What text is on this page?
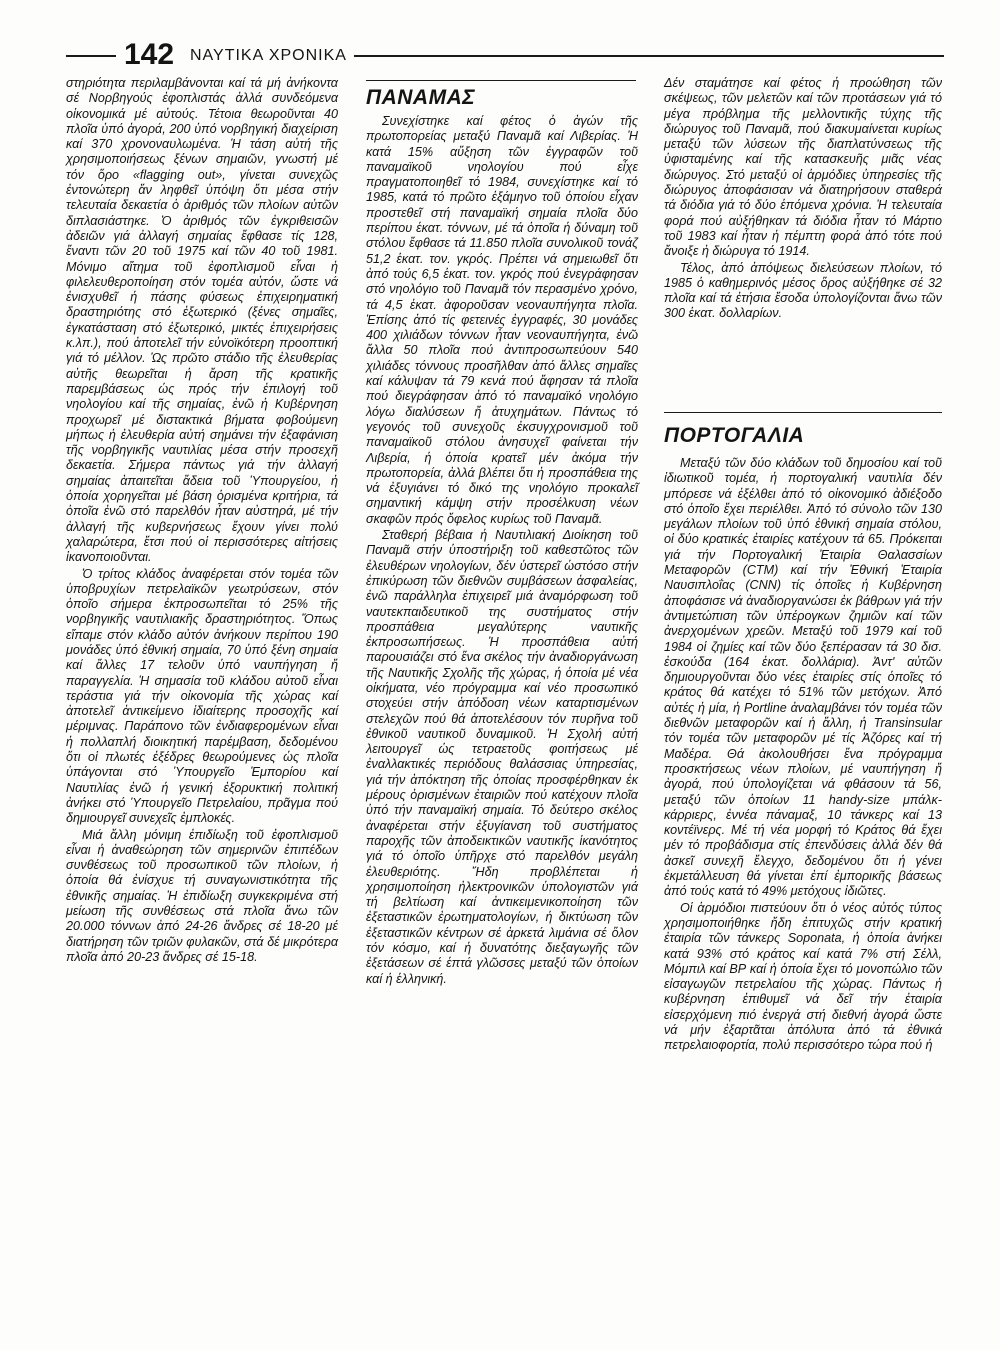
142 ΝΑΥΤΙΚΑ ΧΡΟΝΙΚΑ

στηριότητα περιλαμβάνονται καί τά μή ἀνήκοντα σέ Νορβηγούς ἐφοπλιστάς ἀλλά συνδεόμενα οἰκονομικά μέ αὐτούς. Τέτοια θεωροῦνται 40 πλοῖα ὑπό ἀγορά, 200 ὑπό νορβηγική διαχείριση καί 370 χρονοναυλωμένα. Ἡ τάση αὐτή τῆς χρησιμοποιήσεως ξένων σημαιῶν, γνωστή μέ τόν ὅρο «flagging out», γίνεται συνεχῶς ἐντονώτερη ἄν ληφθεῖ ὑπόψη ὅτι μέσα στήν τελευταία δεκαετία ὁ ἀριθμός τῶν πλοίων αὐτῶν διπλασιάστηκε. Ὁ ἀριθμός τῶν ἐγκριθεισῶν ἀδειῶν γιά ἀλλαγή σημαίας ἔφθασε τίς 128, ἔναντι τῶν 20 τοῦ 1975 καί τῶν 40 τοῦ 1981. Μόνιμο αἴτημα τοῦ ἐφοπλισμοῦ εἶναι ἡ φιλελευθεροποίηση στόν τομέα αὐτόν, ὥστε νά ἐνισχυθεῖ ἡ πάσης φύσεως ἐπιχειρηματική δραστηριότης στό ἐξωτερικό (ξένες σημαῖες, ἐγκατάσταση στό ἐξωτερικό, μικτές ἐπιχειρήσεις κ.λπ.), πού ἀποτελεῖ τήν εὐνοϊκότερη προοπτική γιά τό μέλλον. Ὡς πρῶτο στάδιο τῆς ἐλευθερίας αὐτῆς θεωρεῖται ἡ ἄρση τῆς κρατικῆς παρεμβάσεως ὡς πρός τήν ἐπιλογή τοῦ νηολογίου καί τῆς σημαίας, ἐνῶ ἡ Κυβέρνηση προχωρεῖ μέ διστακτικά βήματα φοβούμενη μήπως ἡ ἐλευθερία αὐτή σημάνει τήν ἐξαφάνιση τῆς νορβηγικῆς ναυτιλίας μέσα στήν προσεχῆ δεκαετία. Σήμερα πάντως γιά τήν ἀλλαγή σημαίας ἀπαιτεῖται ἄδεια τοῦ Ὑπουργείου, ἡ ὁποία χορηγεῖται μέ βάση ὁρισμένα κριτήρια, τά ὁποῖα ἐνῶ στό παρελθόν ἦταν αὐστηρά, μέ τήν ἀλλαγή τῆς κυβερνήσεως ἔχουν γίνει πολύ χαλαρώτερα, ἔτσι πού οἱ περισσότερες αἰτήσεις ἱκανοποιοῦνται.

Ὁ τρίτος κλάδος ἀναφέρεται στόν τομέα τῶν ὑποβρυχίων πετρελαϊκῶν γεωτρύσεων, στόν ὁποῖο σήμερα ἐκπροσωπεῖται τό 25% τῆς νορβηγικῆς ναυτιλιακῆς δραστηριότητος. Ὅπως εἴπαμε στόν κλάδο αὐτόν ἀνήκουν περίπου 190 μονάδες ὑπό ἐθνική σημαία, 70 ὑπό ξένη σημαία καί ἄλλες 17 τελοῦν ὑπό ναυπήγηση ἤ παραγγελία. Ἡ σημασία τοῦ κλάδου αὐτοῦ εἶναι τεράστια γιά τήν οἰκονομία τῆς χώρας καί ἀποτελεῖ ἀντικείμενο ἰδιαίτερης προσοχῆς καί μέριμνας. Παράπονο τῶν ἐνδιαφερομένων εἶναι ἡ πολλαπλή διοικητική παρέμβαση, δεδομένου ὅτι οἱ πλωτές ἐξέδρες θεωρούμενες ὡς πλοῖα ὑπάγονται στό Ὑπουργεῖο Ἐμπορίου καί Ναυτιλίας ἐνῶ ἡ γενική ἐξορυκτική πολιτική ἀνήκει στό Ὑπουργεῖο Πετρελαίου, πρᾶγμα πού δημιουργεῖ συνεχεῖς ἐμπλοκές.

Μιά ἄλλη μόνιμη ἐπιδίωξη τοῦ ἐφοπλισμοῦ εἶναι ἡ ἀναθεώρηση τῶν σημερινῶν ἐπιπέδων συνθέσεως τοῦ προσωπικοῦ τῶν πλοίων, ἡ ὁποία θά ἐνίσχυε τή συναγωνιστικότητα τῆς ἐθνικῆς σημαίας. Ἡ ἐπιδίωξη συγκεκριμένα στή μείωση τῆς συνθέσεως στά πλοῖα ἄνω τῶν 20.000 τόννων ἀπό 24-26 ἄνδρες σέ 18-20 μέ διατήρηση τῶν τριῶν φυλακῶν, στά δέ μικρότερα πλοῖα ἀπό 20-23 ἄνδρες σέ 15-18.

ΠΑΝΑΜΑΣ

Συνεχίστηκε καί φέτος ὁ ἀγών τῆς πρωτοπορείας μεταξύ Παναμᾶ καί Λιβερίας. Ἡ κατά 15% αὔξηση τῶν ἐγγραφῶν τοῦ παναμαϊκοῦ νηολογίου πού εἶχε πραγματοποιηθεῖ τό 1984, συνεχίστηκε καί τό 1985, κατά τό πρῶτο ἑξάμηνο τοῦ ὁποίου εἶχαν προστεθεῖ στή παναμαϊκή σημαία πλοῖα δύο περίπου ἑκατ. τόννων, μέ τά ὁποῖα ἡ δύναμη τοῦ στόλου ἔφθασε τά 11.850 πλοῖα συνολικοῦ τονάζ 51,2 ἑκατ. τον. γκρός. Πρέπει νά σημειωθεῖ ὅτι ἀπό τούς 6,5 ἑκατ. τον. γκρός πού ἐνεγράφησαν στό νηολόγιο τοῦ Παναμᾶ τόν περασμένο χρόνο, τά 4,5 ἑκατ. ἀφοροῦσαν νεοναυπήγητα πλοῖα. Ἐπίσης ἀπό τίς φετεινές ἐγγραφές, 30 μονάδες 400 χιλιάδων τόννων ἦταν νεοναυπήγητα, ἐνῶ ἄλλα 50 πλοῖα πού ἀντιπροσωπεύουν 540 χιλιάδες τόννους προσῆλθαν ἀπό ἄλλες σημαῖες καί κάλυψαν τά 79 κενά πού ἄφησαν τά πλοῖα πού διεγράφησαν ἀπό τό παναμαϊκό νηολόγιο λόγω διαλύσεων ἤ ἀτυχημάτων. Πάντως τό γεγονός τοῦ συνεχοῦς ἐκσυγχρονισμοῦ τοῦ παναμαϊκοῦ στόλου ἀνησυχεῖ φαίνεται τήν Λιβερία, ἡ ὁποία κρατεῖ μέν ἀκόμα τήν πρωτοπορεία, ἀλλά βλέπει ὅτι ἡ προσπάθεια της νά ἐξυγιάνει τό δικό της νηολόγιο προκαλεῖ σημαντική κάμψη στήν προσέλκυση νέων σκαφῶν πρός ὄφελος κυρίως τοῦ Παναμᾶ.

Σταθερή βέβαια ἡ Ναυτιλιακή Διοίκηση τοῦ Παναμᾶ στήν ὑποστήριξη τοῦ καθεστῶτος τῶν ἐλευθέρων νηολογίων, δέν ὑστερεῖ ὡστόσο στήν ἐπικύρωση τῶν διεθνῶν συμβάσεων ἀσφαλείας, ἐνῶ παράλληλα ἐπιχειρεῖ μιά ἀναμόρφωση τοῦ ναυτεκπαιδευτικοῦ της συστήματος στήν προσπάθεια μεγαλύτερης ναυτικῆς ἐκπροσωπήσεως. Ἡ προσπάθεια αὐτή παρουσιάζει στό ἕνα σκέλος τήν ἀναδιοργάνωση τῆς Ναυτικῆς Σχολῆς τῆς χώρας, ἡ ὁποία μέ νέα οἰκήματα, νέο πρόγραμμα καί νέο προσωπικό στοχεύει στήν ἀπόδοση νέων καταρτισμένων στελεχῶν πού θά ἀποτελέσουν τόν πυρῆνα τοῦ ἐθνικοῦ ναυτικοῦ δυναμικοῦ. Ἡ Σχολή αὐτή λειτουργεῖ ὡς τετραετοῦς φοιτήσεως μέ ἐναλλακτικές περιόδους θαλάσσιας ὑπηρεσίας, γιά τήν ἀπόκτηση τῆς ὁποίας προσφέρθηκαν ἐκ μέρους ὁρισμένων ἐταιριῶν πού κατέχουν πλοῖα ὑπό τήν παναμαϊκή σημαία. Τό δεύτερο σκέλος ἀναφέρεται στήν ἐξυγίανση τοῦ συστήματος παροχῆς τῶν ἀποδεικτικῶν ναυτικῆς ἱκανότητος γιά τό ὁποῖο ὑπῆρχε στό παρελθόν μεγάλη ἐλευθεριότης. Ἤδη προβλέπεται ἡ χρησιμοποίηση ἠλεκτρονικῶν ὑπολογιστῶν γιά τή βελτίωση καί ἀντικειμενικοποίηση τῶν ἐξεταστικῶν ἐρωτηματολογίων, ἡ δικτύωση τῶν ἐξεταστικῶν κέντρων σέ ἀρκετά λιμάνια σέ ὅλον τόν κόσμο, καί ἡ δυνατότης διεξαγωγῆς τῶν ἐξετάσεων σέ ἑπτά γλῶσσες μεταξύ τῶν ὁποίων καί ἡ ἑλληνική.

Δέν σταμάτησε καί φέτος ἡ προώθηση τῶν σκέψεως, τῶν μελετῶν καί τῶν προτάσεων γιά τό μέγα πρόβλημα τῆς μελλοντικῆς τύχης τῆς διώρυγος τοῦ Παναμᾶ, πού διακυμαίνεται κυρίως μεταξύ τῶν λύσεων τῆς διαπλατύνσεως τῆς ὑφισταμένης καί τῆς κατασκευῆς μιᾶς νέας διώρυγος. Στό μεταξύ οἱ ἁρμόδιες ὑπηρεσίες τῆς διώρυγος ἀποφάσισαν νά διατηρήσουν σταθερά τά διόδια γιά τό δύο ἑπόμενα χρόνια. Ἡ τελευταία φορά πού αὐξήθηκαν τά διόδια ἦταν τό Μάρτιο τοῦ 1983 καί ἦταν ἡ πέμπτη φορά ἀπό τότε πού ἄνοιξε ἡ διώρυγα τό 1914.

Τέλος, ἀπό ἀπόψεως διελεύσεων πλοίων, τό 1985 ὁ καθημερινός μέσος ὅρος αὐξήθηκε σέ 32 πλοῖα καί τά ἐτήσια ἔσοδα ὑπολογίζονται ἄνω τῶν 300 ἑκατ. δολλαρίων.

ΠΟΡΤΟΓΑΛΙΑ

Μεταξύ τῶν δύο κλάδων τοῦ δημοσίου καί τοῦ ἰδιωτικοῦ τομέα, ἡ πορτογαλική ναυτιλία δέν μπόρεσε νά ἐξέλθει ἀπό τό οἰκονομικό ἀδιέξοδο στό ὁποῖο ἔχει περιέλθει. Ἀπό τό σύνολο τῶν 130 μεγάλων πλοίων τοῦ ὑπό ἐθνική σημαία στόλου, οἱ δύο κρατικές ἐταιρίες κατέχουν τά 65. Πρόκειται γιά τήν Πορτογαλική Ἐταιρία Θαλασσίων Μεταφορῶν (CTM) καί τήν Ἐθνική Ἐταιρία Ναυσιπλοΐας (CNN) τίς ὁποῖες ἡ Κυβέρνηση ἀποφάσισε νά ἀναδιοργανώσει ἐκ βάθρων γιά τήν ἀντιμετώπιση τῶν ὑπέρογκων ζημιῶν καί τῶν ἀνερχομένων χρεῶν. Μεταξύ τοῦ 1979 καί τοῦ 1984 οἱ ζημίες καί τῶν δύο ξεπέρασαν τά 30 δισ. ἐσκούδα (164 ἑκατ. δολλάρια). Ἀντ' αὐτῶν δημιουργοῦνται δύο νέες ἐταιρίες στίς ὁποῖες τό κράτος θά κατέχει τό 51% τῶν μετόχων. Ἀπό αὐτές ἡ μία, ἡ Portline ἀναλαμβάνει τόν τομέα τῶν διεθνῶν μεταφορῶν καί ἡ ἄλλη, ἡ Transinsular τόν τομέα τῶν μεταφορῶν μέ τίς Ἀζόρες καί τή Μαδέρα. Θά ἀκολουθήσει ἕνα πρόγραμμα προσκτήσεως νέων πλοίων, μέ ναυπήγηση ἤ ἀγορά, πού ὑπολογίζεται νά φθάσουν τά 56, μεταξύ τῶν ὁποίων 11 handy-size μπάλκ-κάρριερς, ἐννέα πάναμαξ, 10 τάνκερς καί 13 κοντέϊνερς. Μέ τή νέα μορφή τό Κράτος θά ἔχει μέν τό προβάδισμα στίς ἐπενδύσεις ἀλλά δέν θά ἀσκεῖ συνεχῆ ἔλεγχο, δεδομένου ὅτι ἡ γένει ἐκμετάλλευση θά γίνεται ἐπί ἐμπορικῆς βάσεως ἀπό τούς κατά τό 49% μετόχους ἰδιῶτες.

Οἱ ἁρμόδιοι πιστεύουν ὅτι ὁ νέος αὐτός τύπος χρησιμοποιήθηκε ἤδη ἐπιτυχῶς στήν κρατική ἐταιρία τῶν τάνκερς Soponata, ἡ ὁποία ἀνήκει κατά 93% στό κράτος καί κατά 7% στή Σέλλ, Μόμπιλ καί ΒΡ καί ἡ ὁποία ἔχει τό μονοπώλιο τῶν εἰσαγωγῶν πετρελαίου τῆς χώρας. Πάντως ἡ κυβέρνηση ἐπιθυμεῖ νά δεῖ τήν ἐταιρία εἰσερχόμενη πιό ἐνεργά στή διεθνή ἀγορά ὥστε νά μήν ἐξαρτᾶται ἀπόλυτα ἀπό τά ἐθνικά πετρελαιοφορτία, πολύ περισσότερο τώρα πού ἡ
